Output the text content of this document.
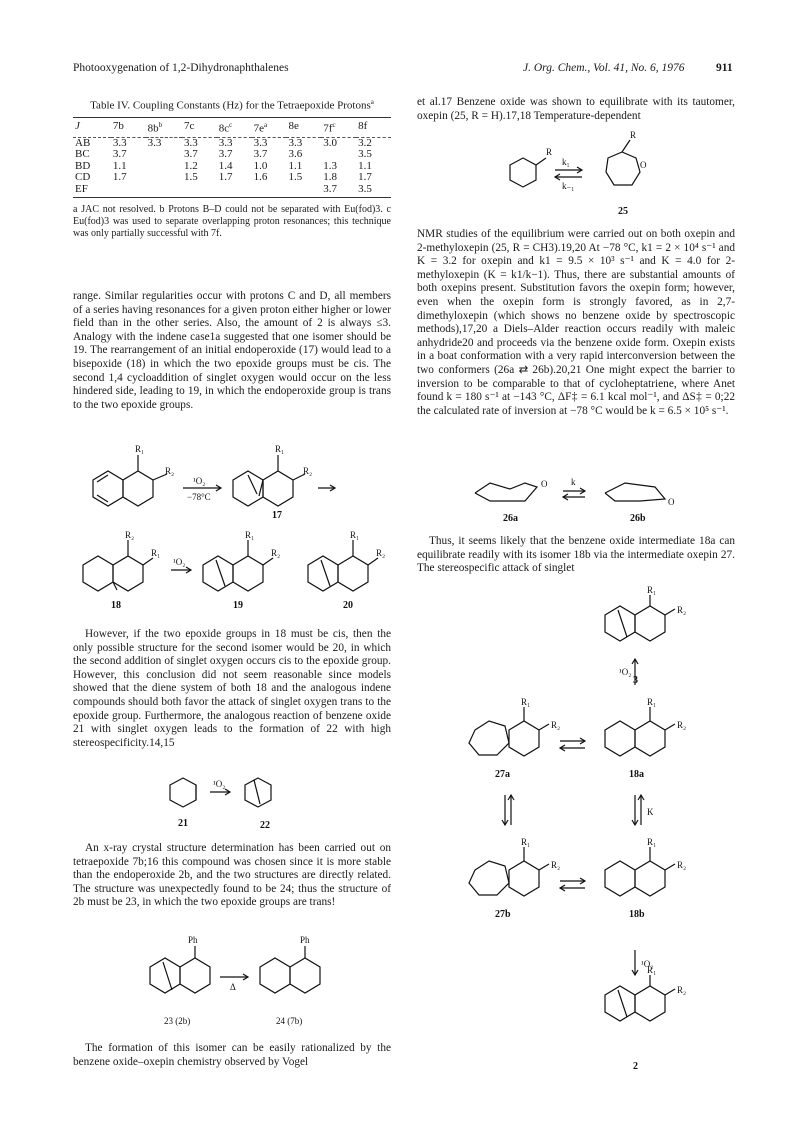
Photooxygenation of 1,2-Dihydronaphthalenes	J. Org. Chem., Vol. 41, No. 6, 1976	911
Table IV. Coupling Constants (Hz) for the Tetraepoxide Protons$^a$
J	7b	$8b^b$	7c	$8c^c$	$7e^a$	8e	$7f^c$	8f
AB	3.3	3.3	3.3	3.3	3.3	3.3	3.0	3.2
BC	3.7		3.7	3.7	3.7	3.6		3.5
BD	1.1		1.2	1.4	1.0	1.1	1.3	1.1
CD	1.7		1.5	1.7	1.6	1.5	1.8	1.7
EF							3.7	3.5
a JAC not resolved. b Protons B–D could not be separated with Eu(fod)3. c Eu(fod)3 was used to separate overlapping proton resonances; this technique was only partially successful with 7f.

range. Similar regularities occur with protons C and D, all members of a series having resonances for a given proton either higher or lower field than in the other series. Also, the amount of 2 is always ≤3. Analogy with the indene case1a suggested that one isomer should be 19. The rearrangement of an initial endoperoxide (17) would lead to a bisepoxide (18) in which the two epoxide groups must be cis. The second 1,4 cycloaddition of singlet oxygen would occur on the less hindered side, leading to 19, in which the endoperoxide group is trans to the two epoxide groups.

R₁
R₂
¹O₂
−78°C
R₁
R₂
17
¹O₂
R₂
R₁
18
R₁
R₂
19
R₁
R₂
20

However, if the two epoxide groups in 18 must be cis, then the only possible structure for the second isomer would be 20, in which the second addition of singlet oxygen occurs cis to the epoxide group. However, this conclusion did not seem reasonable since models showed that the diene system of both 18 and the analogous indene compounds should both favor the attack of singlet oxygen trans to the epoxide group. Furthermore, the analogous reaction of benzene oxide 21 with singlet oxygen leads to the formation of 22 with high stereospecificity.14,15

¹O₂
21	22

An x-ray crystal structure determination has been carried out on tetraepoxide 7b;16 this compound was chosen since it is more stable than the endoperoxide 2b, and the two structures are directly related. The structure was unexpectedly found to be 24; thus the structure of 2b must be 23, in which the two epoxide groups are trans!

Ph
Δ
Ph
23 (2b)	24 (7b)

The formation of this isomer can be easily rationalized by the benzene oxide–oxepin chemistry observed by Vogel

et al.17 Benzene oxide was shown to equilibrate with its tautomer, oxepin (25, R = H).17,18 Temperature-dependent

R
k₁
k₋₁
R
O
25

NMR studies of the equilibrium were carried out on both oxepin and 2-methyloxepin (25, R = CH3).19,20 At −78 °C, k1 = 2 × 10⁴ s⁻¹ and K = 3.2 for oxepin and k1 = 9.5 × 10³ s⁻¹ and K = 4.0 for 2-methyloxepin (K = k1/k−1). Thus, there are substantial amounts of both oxepins present. Substitution favors the oxepin form; however, even when the oxepin form is strongly favored, as in 2,7-dimethyloxepin (which shows no benzene oxide by spectroscopic methods),17,20 a Diels–Alder reaction occurs readily with maleic anhydride20 and proceeds via the benzene oxide form. Oxepin exists in a boat conformation with a very rapid interconversion between the two conformers (26a ⇄ 26b).20,21 One might expect the barrier to inversion to be comparable to that of cycloheptatriene, where Anet found k = 180 s⁻¹ at −143 °C, ΔF‡ = 6.1 kcal mol⁻¹, and ΔS‡ = 0;22 the calculated rate of inversion at −78 °C would be k = 6.5 × 10⁵ s⁻¹.

O	k
O
26a	26b

Thus, it seems likely that the benzene oxide intermediate 18a can equilibrate readily with its isomer 18b via the intermediate oxepin 27. The stereospecific attack of singlet

R₁
R₂
3
¹O₂
R₁
R₂
R₁
R₂
27a	18a
K
R₁
R₂
R₁
R₂
27b	18b
¹O₂
R₁
R₂
2
